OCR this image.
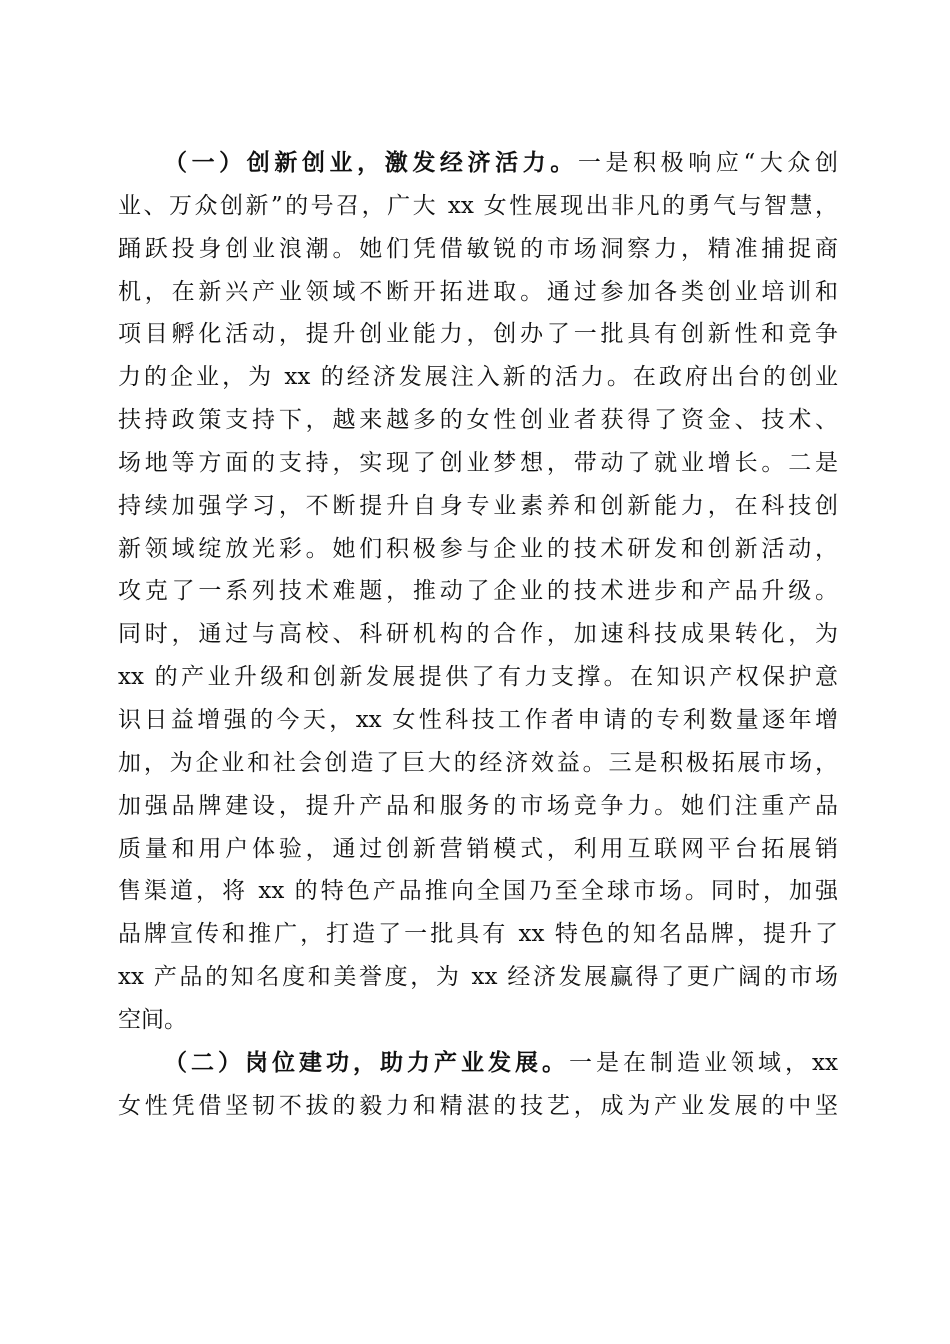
（一）创新创业，激发经济活力。一是积极响应“大众创
业、万众创新”的号召，广大 xx 女性展现出非凡的勇气与智慧，
踊跃投身创业浪潮。她们凭借敏锐的市场洞察力，精准捕捉商
机，在新兴产业领域不断开拓进取。通过参加各类创业培训和
项目孵化活动，提升创业能力，创办了一批具有创新性和竞争
力的企业，为 xx 的经济发展注入新的活力。在政府出台的创业
扶持政策支持下，越来越多的女性创业者获得了资金、技术、
场地等方面的支持，实现了创业梦想，带动了就业增长。二是
持续加强学习，不断提升自身专业素养和创新能力，在科技创
新领域绽放光彩。她们积极参与企业的技术研发和创新活动，
攻克了一系列技术难题，推动了企业的技术进步和产品升级。
同时，通过与高校、科研机构的合作，加速科技成果转化，为
xx 的产业升级和创新发展提供了有力支撑。在知识产权保护意
识日益增强的今天，xx 女性科技工作者申请的专利数量逐年增
加，为企业和社会创造了巨大的经济效益。三是积极拓展市场，
加强品牌建设，提升产品和服务的市场竞争力。她们注重产品
质量和用户体验，通过创新营销模式，利用互联网平台拓展销
售渠道，将 xx 的特色产品推向全国乃至全球市场。同时，加强
品牌宣传和推广，打造了一批具有 xx 特色的知名品牌，提升了
xx 产品的知名度和美誉度，为 xx 经济发展赢得了更广阔的市场
空间。
（二）岗位建功，助力产业发展。一是在制造业领域，xx
女性凭借坚韧不拔的毅力和精湛的技艺，成为产业发展的中坚
